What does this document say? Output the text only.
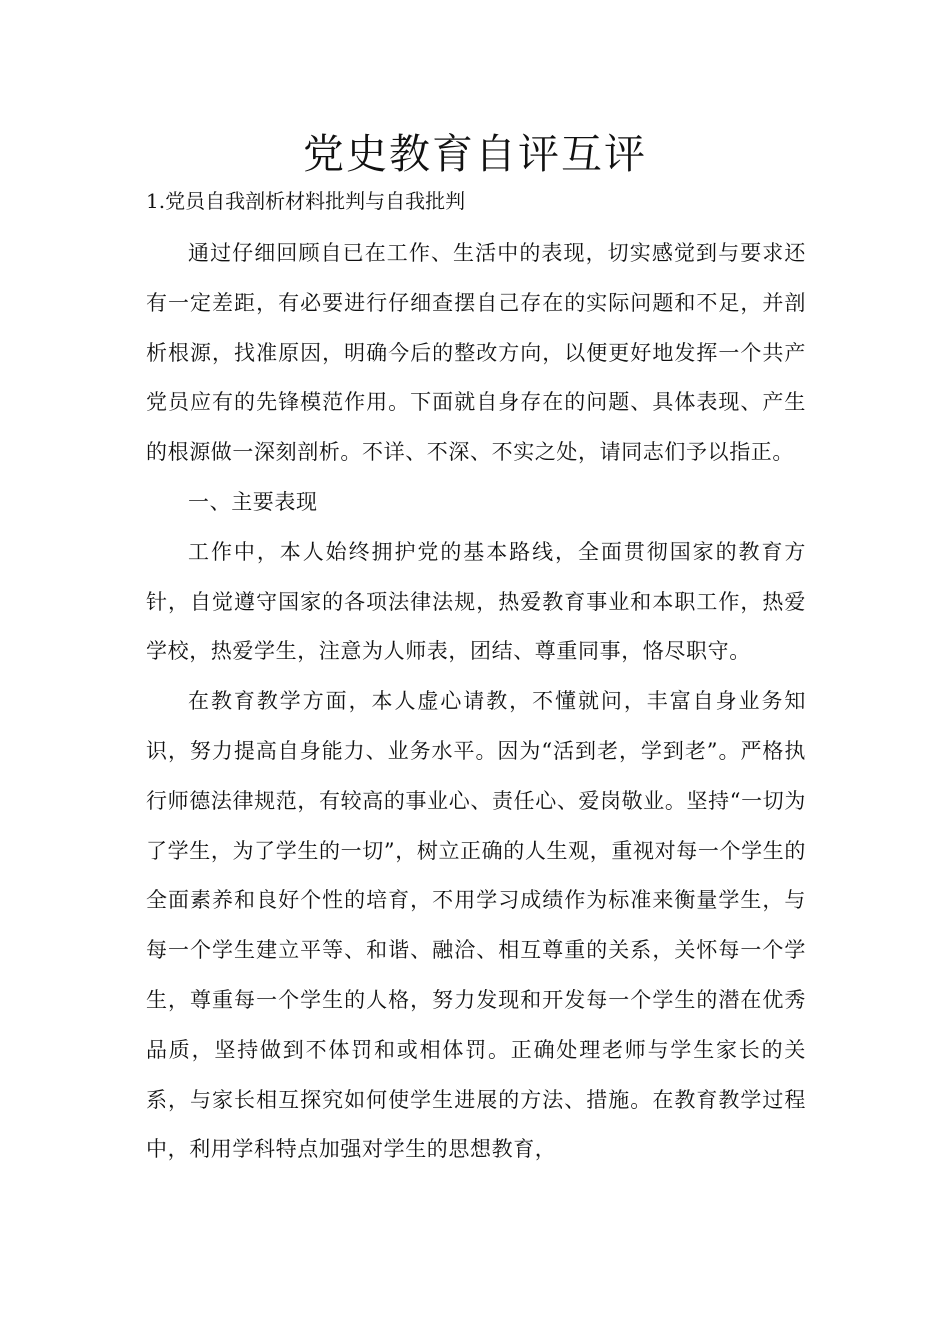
党史教育自评互评

1.党员自我剖析材料批判与自我批判

通过仔细回顾自已在工作、生活中的表现，切实感觉到与要求还有一定差距，有必要进行仔细查摆自己存在的实际问题和不足，并剖析根源，找准原因，明确今后的整改方向，以便更好地发挥一个共产党员应有的先锋模范作用。下面就自身存在的问题、具体表现、产生的根源做一深刻剖析。不详、不深、不实之处，请同志们予以指正。

一、主要表现

工作中，本人始终拥护党的基本路线，全面贯彻国家的教育方针，自觉遵守国家的各项法律法规，热爱教育事业和本职工作，热爱学校，热爱学生，注意为人师表，团结、尊重同事，恪尽职守。

在教育教学方面，本人虚心请教，不懂就问，丰富自身业务知识，努力提高自身能力、业务水平。因为“活到老，学到老”。严格执行师德法律规范，有较高的事业心、责任心、爱岗敬业。坚持“一切为了学生，为了学生的一切”，树立正确的人生观，重视对每一个学生的全面素养和良好个性的培育，不用学习成绩作为标准来衡量学生，与每一个学生建立平等、和谐、融洽、相互尊重的关系，关怀每一个学生，尊重每一个学生的人格，努力发现和开发每一个学生的潜在优秀品质，坚持做到不体罚和或相体罚。正确处理老师与学生家长的关系，与家长相互探究如何使学生进展的方法、措施。在教育教学过程中，利用学科特点加强对学生的思想教育，
